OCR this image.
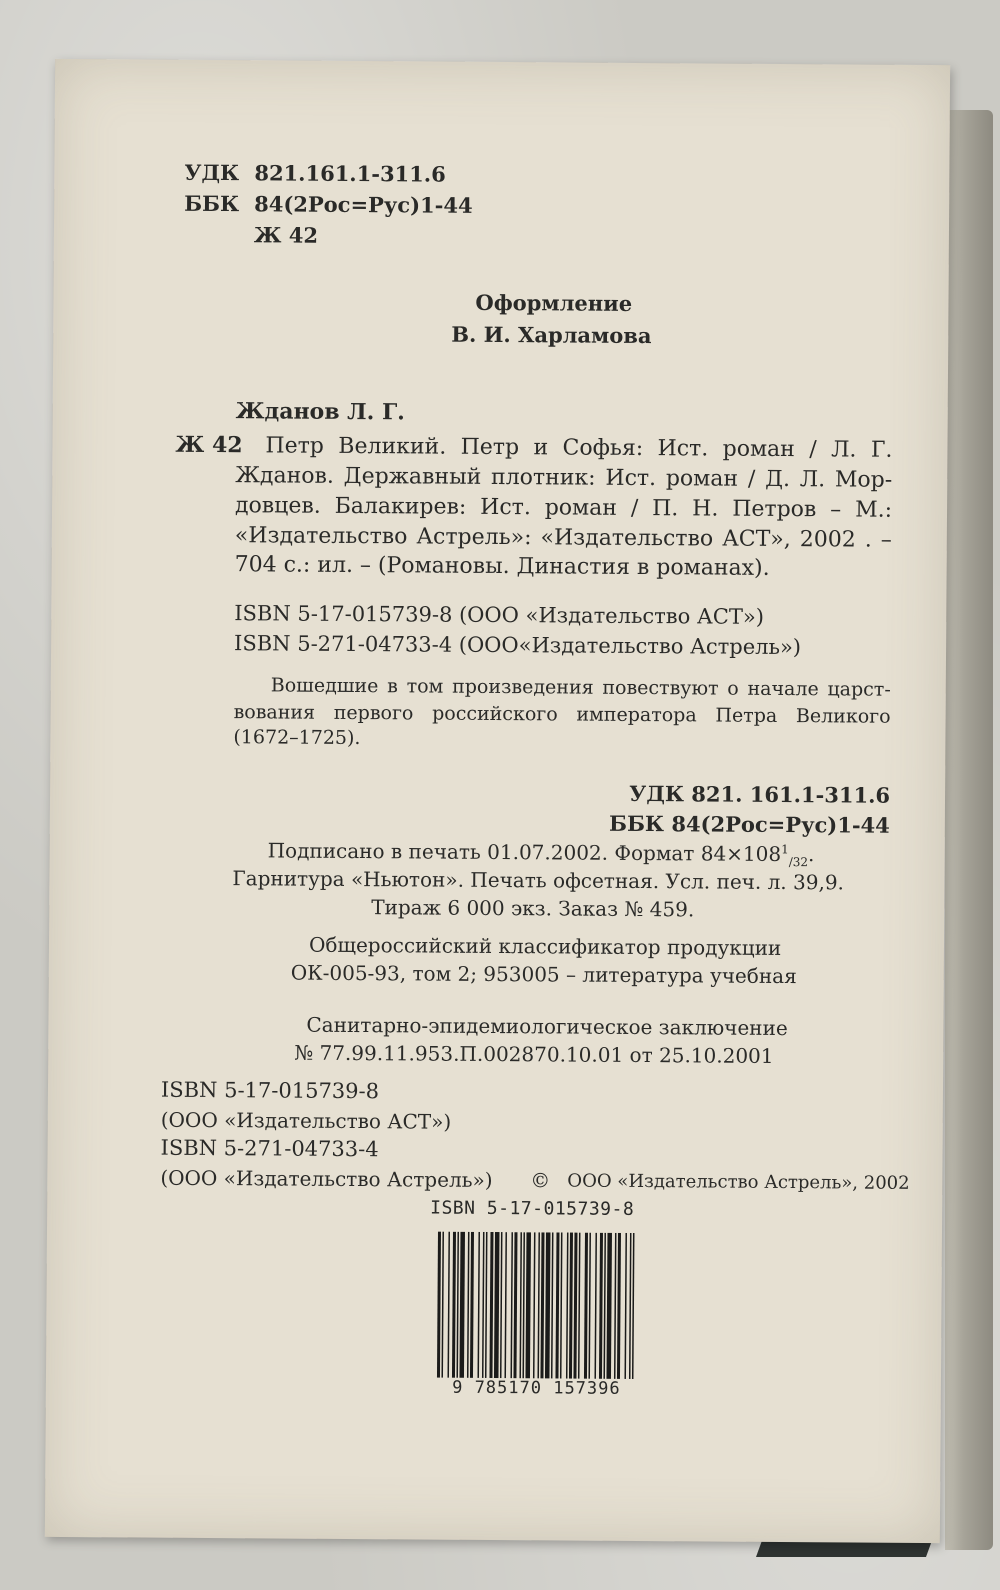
УДК 821.161.1-311.6
ББК 84(2Рос=Рус)1-44
Ж 42
Оформление
В. И. Харламова
Жданов Л. Г.
Ж 42 Петр Великий. Петр и Софья: Ист. роман / Л. Г.
Жданов. Державный плотник: Ист. роман / Д. Л. Мор-
довцев. Балакирев: Ист. роман / П. Н. Петров – М.:
«Издательство Астрель»: «Издательство АСТ», 2002 . –
704 с.: ил. – (Романовы. Династия в романах).
ISBN 5-17-015739-8 (ООО «Издательство АСТ»)
ISBN 5-271-04733-4 (ООО«Издательство Астрель»)
Вошедшие в том произведения повествуют о начале царст-
вования первого российского императора Петра Великого
(1672–1725).
УДК 821. 161.1-311.6
ББК 84(2Рос=Рус)1-44
Подписано в печать 01.07.2002. Формат $84\times 108^1_{/32}$.
Гарнитура «Ньютон». Печать офсетная. Усл. печ. л. 39,9.
Тираж 6 000 экз. Заказ № 459.
Общероссийский классификатор продукции
ОК-005-93, том 2; 953005 – литература учебная
Санитарно-эпидемиологическое заключение
№ 77.99.11.953.П.002870.10.01 от 25.10.2001
ISBN 5-17-015739-8
(ООО «Издательство АСТ»)
ISBN 5-271-04733-4
(ООО «Издательство Астрель») © ООО «Издательство Астрель», 2002
ISBN 5-17-015739-8
9 785170 157396
